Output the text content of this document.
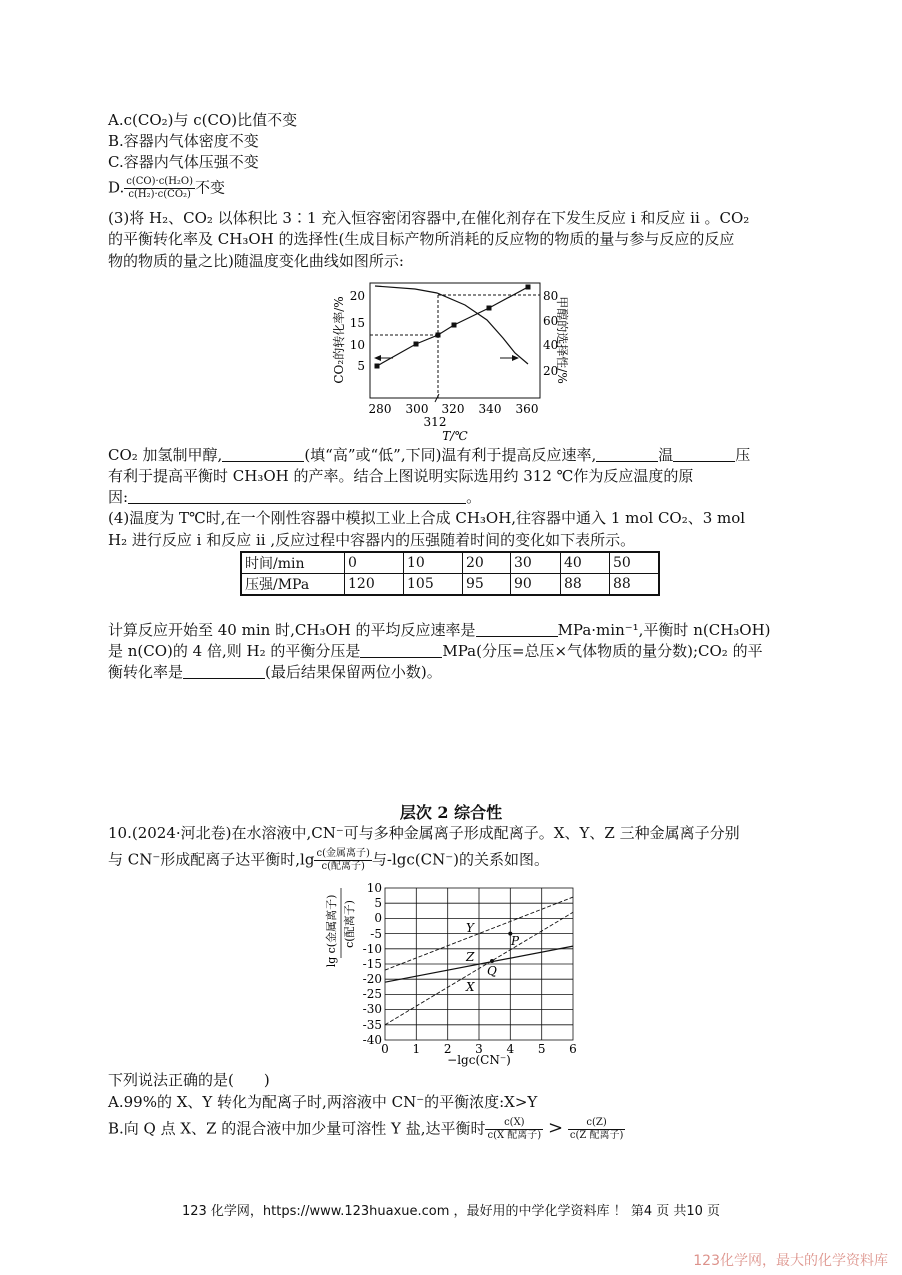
A.c(CO₂)与 c(CO)比值不变
B.容器内气体密度不变
C.容器内气体压强不变
D. $\frac{\text{c(CO)·c(H₂O)}}{\text{c(H₂)·c(CO₂)}}$ 不变
(3)将 H₂、CO₂ 以体积比 3∶1 充入恒容密闭容器中,在催化剂存在下发生反应 i 和反应 ii 。CO₂
的平衡转化率及 CH₃OH 的选择性(生成目标产物所消耗的反应物的物质的量与参与反应的反应
物的物质的量之比)随温度变化曲线如图所示:
5
10
15
20
20
40
60
80
280 300 320 340 360
312
T/℃
CO₂的转化率/%	甲醇的选择性/%
CO₂ 加氢制甲醇,	(填“高”或“低”,下同)温有利于提高反应速率,	温	压
有利于提高平衡时 CH₃OH 的产率。结合上图说明实际选用约 312 ℃作为反应温度的原
因:	。
(4)温度为 T℃时,在一个刚性容器中模拟工业上合成 CH₃OH,往容器中通入 1 mol CO₂、3 mol
H₂ 进行反应 i 和反应 ii ,反应过程中容器内的压强随着时间的变化如下表所示。
时间/min	0	10	20	30	40	50
压强/MPa	120	105	95	90	88	88
计算反应开始至 40 min 时,CH₃OH 的平均反应速率是	MPa·min⁻¹,平衡时 n(CH₃OH)
是 n(CO)的 4 倍,则 H₂ 的平衡分压是	MPa(分压=总压×气体物质的量分数);CO₂ 的平
衡转化率是	(最后结果保留两位小数)。
层次 2 综合性
10.(2024·河北卷)在水溶液中,CN⁻可与多种金属离子形成配离子。X、Y、Z 三种金属离子分别
与 CN⁻形成配离子达平衡时$,\lg \frac{\text{c(金属离子)}}{\text{c(配离子)}}$ 与-lgc(CN⁻)的关系如图。
10
5
0
-5
-10
-15
-20
-25
-30
-35
-40
0 1 2 3 4 5 6
−lgc(CN⁻)
lg
c(金属离子) c(配离子)	Y
Z
X
P
Q
下列说法正确的是(　　)
A.99%的 X、Y 转化为配离子时,两溶液中 CN⁻的平衡浓度:X>Y
B.向 Q 点 X、Z 的混合液中加少量可溶性 Y 盐,达平衡时 $\frac{c(X)}{\text{c(X 配离子)}} > \frac{c(Z)}{\text{c(Z 配离子)}}$
123 化学网，https://www.123huaxue.com ，最好用的中学化学资料库 ！ 第4 页 共10 页
123化学网，最大的化学资料库
